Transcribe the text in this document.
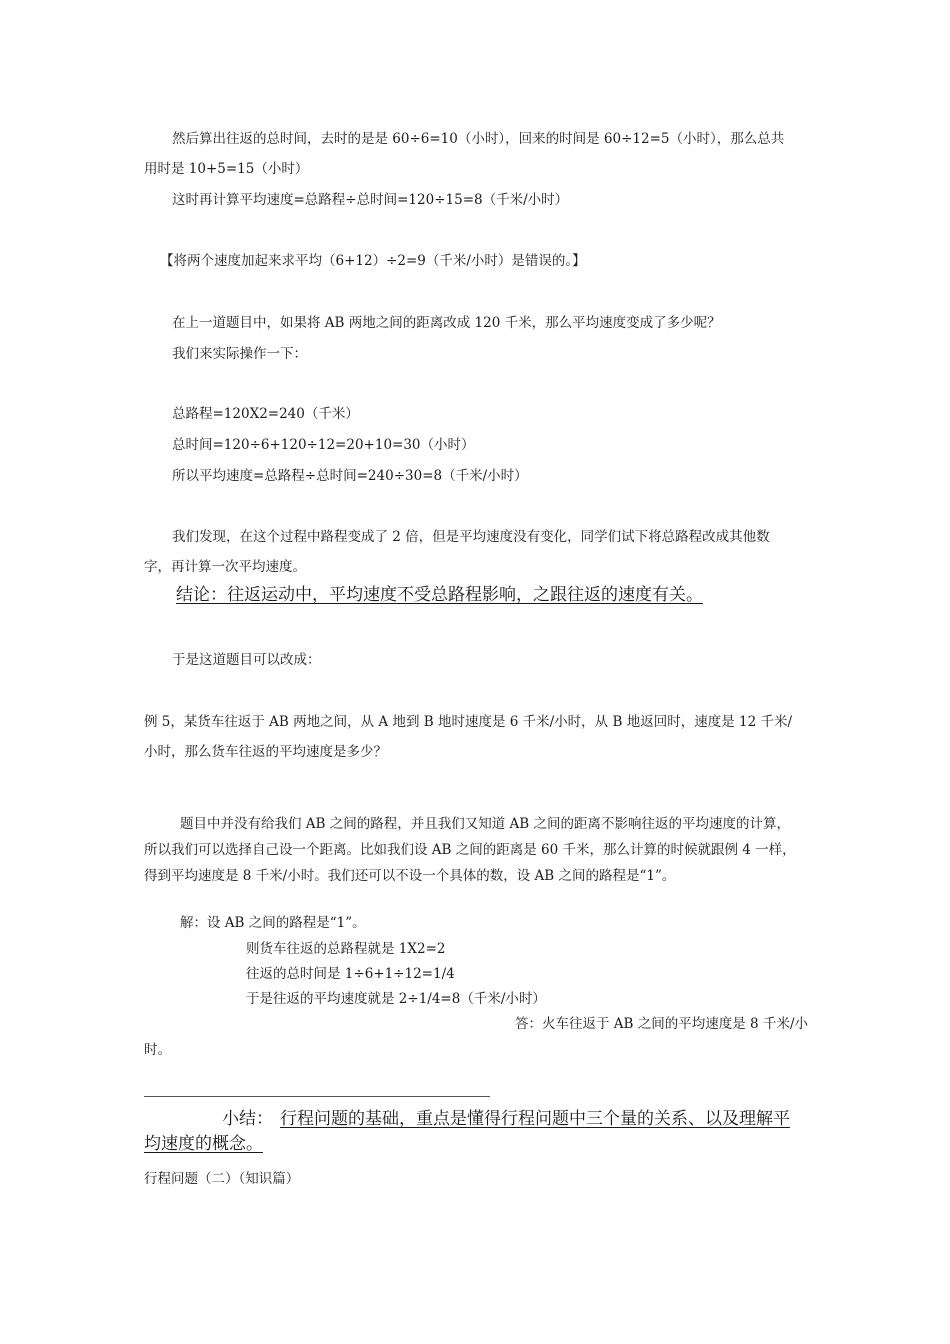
然后算出往返的总时间，去时的是是 60÷6=10（小时），回来的时间是 60÷12=5（小时），那么总共
用时是 10+5=15（小时）
这时再计算平均速度=总路程÷总时间=120÷15=8（千米/小时）
【将两个速度加起来求平均（6+12）÷2=9（千米/小时）是错误的。】
在上一道题目中，如果将 AB 两地之间的距离改成 120 千米，那么平均速度变成了多少呢？
我们来实际操作一下：
总路程=120X2=240（千米）
总时间=120÷6+120÷12=20+10=30（小时）
所以平均速度=总路程÷总时间=240÷30=8（千米/小时）
我们发现，在这个过程中路程变成了 2 倍，但是平均速度没有变化，同学们试下将总路程改成其他数
字，再计算一次平均速度。
结论：往返运动中，平均速度不受总路程影响，之跟往返的速度有关。
于是这道题目可以改成：
例 5，某货车往返于 AB 两地之间，从 A 地到 B 地时速度是 6 千米/小时，从 B 地返回时，速度是 12 千米/
小时，那么货车往返的平均速度是多少？
题目中并没有给我们 AB 之间的路程，并且我们又知道 AB 之间的距离不影响往返的平均速度的计算，
所以我们可以选择自己设一个距离。比如我们设 AB 之间的距离是 60 千米，那么计算的时候就跟例 4 一样，
得到平均速度是 8 千米/小时。我们还可以不设一个具体的数，设 AB 之间的路程是“1”。
解：设 AB 之间的路程是“1”。
则货车往返的总路程就是 1X2=2
往返的总时间是 1÷6+1÷12=1/4
于是往返的平均速度就是 2÷1/4=8（千米/小时）
答：火车往返于 AB 之间的平均速度是 8 千米/小
时。
小结： 行程问题的基础，重点是懂得行程问题中三个量的关系、以及理解平
均速度的概念。
行程问题（二）（知识篇）
